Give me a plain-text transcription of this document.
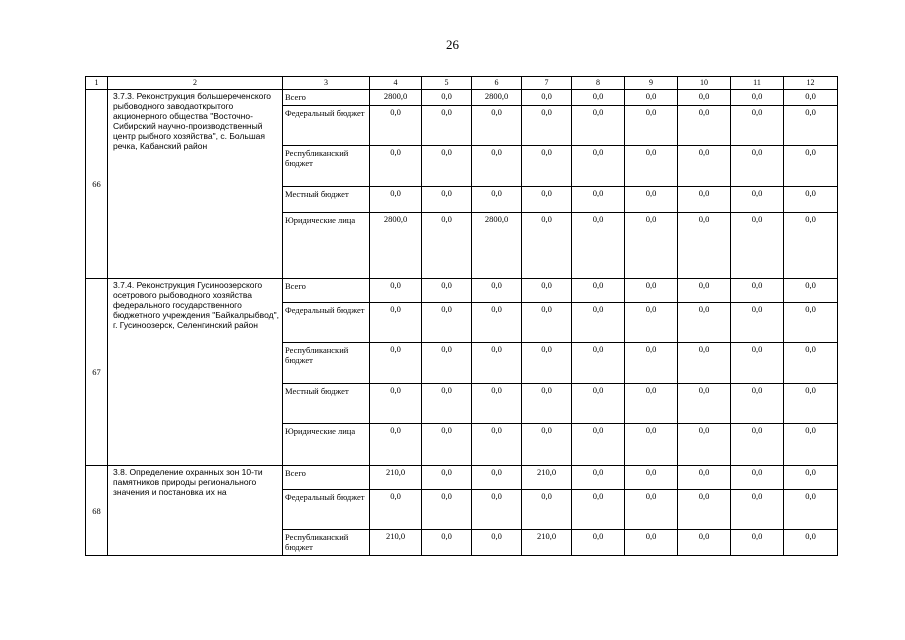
26
1	2	3	4	5	6	7	8	9	10	11	12
66	3.7.3. Реконструкция большереченского рыбоводного заводаоткрытого акционерного общества "Восточно- Сибирский научно-производственный центр рыбного хозяйства", с. Большая речка, Кабанский район	Всего	2800,0	0,0	2800,0	0,0	0,0	0,0	0,0	0,0	0,0
		Федеральный бюджет	0,0	0,0	0,0	0,0	0,0	0,0	0,0	0,0	0,0
		Республиканский бюджет	0,0	0,0	0,0	0,0	0,0	0,0	0,0	0,0	0,0
		Местный бюджет	0,0	0,0	0,0	0,0	0,0	0,0	0,0	0,0	0,0
		Юридические лица	2800,0	0,0	2800,0	0,0	0,0	0,0	0,0	0,0	0,0
67	3.7.4. Реконструкция Гусиноозерского осетрового рыбоводного хозяйства федерального государственного бюджетного учреждения "Байкалрыбвод", г. Гусиноозерск, Селенгинский район	Всего	0,0	0,0	0,0	0,0	0,0	0,0	0,0	0,0	0,0
		Федеральный бюджет	0,0	0,0	0,0	0,0	0,0	0,0	0,0	0,0	0,0
		Республиканский бюджет	0,0	0,0	0,0	0,0	0,0	0,0	0,0	0,0	0,0
		Местный бюджет	0,0	0,0	0,0	0,0	0,0	0,0	0,0	0,0	0,0
		Юридические лица	0,0	0,0	0,0	0,0	0,0	0,0	0,0	0,0	0,0
68	3.8. Определение охранных зон 10-ти памятников природы регионального значения и постановка их на	Всего	210,0	0,0	0,0	210,0	0,0	0,0	0,0	0,0	0,0
		Федеральный бюджет	0,0	0,0	0,0	0,0	0,0	0,0	0,0	0,0	0,0
		Республиканский бюджет	210,0	0,0	0,0	210,0	0,0	0,0	0,0	0,0	0,0
